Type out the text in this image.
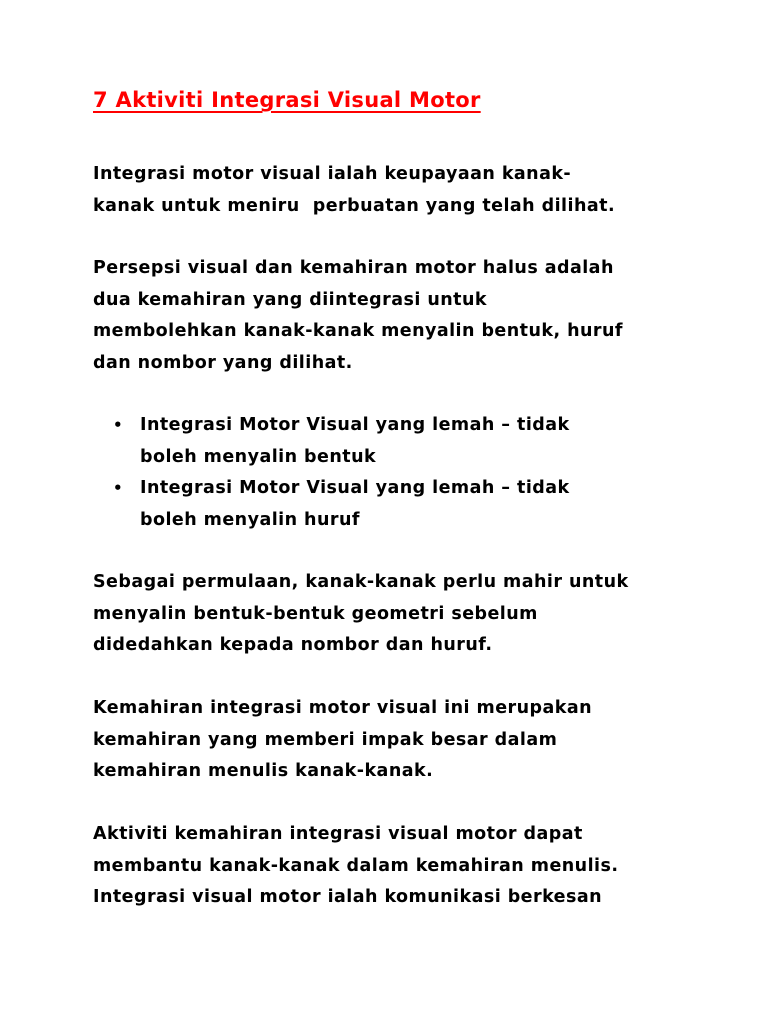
7 Aktiviti Integrasi Visual Motor

Integrasi motor visual ialah keupayaan kanak-
kanak untuk meniru  perbuatan yang telah dilihat.

Persepsi visual dan kemahiran motor halus adalah
dua kemahiran yang diintegrasi untuk
membolehkan kanak-kanak menyalin bentuk, huruf
dan nombor yang dilihat.

• Integrasi Motor Visual yang lemah – tidak
boleh menyalin bentuk
• Integrasi Motor Visual yang lemah – tidak
boleh menyalin huruf

Sebagai permulaan, kanak-kanak perlu mahir untuk
menyalin bentuk-bentuk geometri sebelum
didedahkan kepada nombor dan huruf.

Kemahiran integrasi motor visual ini merupakan
kemahiran yang memberi impak besar dalam
kemahiran menulis kanak-kanak.

Aktiviti kemahiran integrasi visual motor dapat
membantu kanak-kanak dalam kemahiran menulis.
Integrasi visual motor ialah komunikasi berkesan
